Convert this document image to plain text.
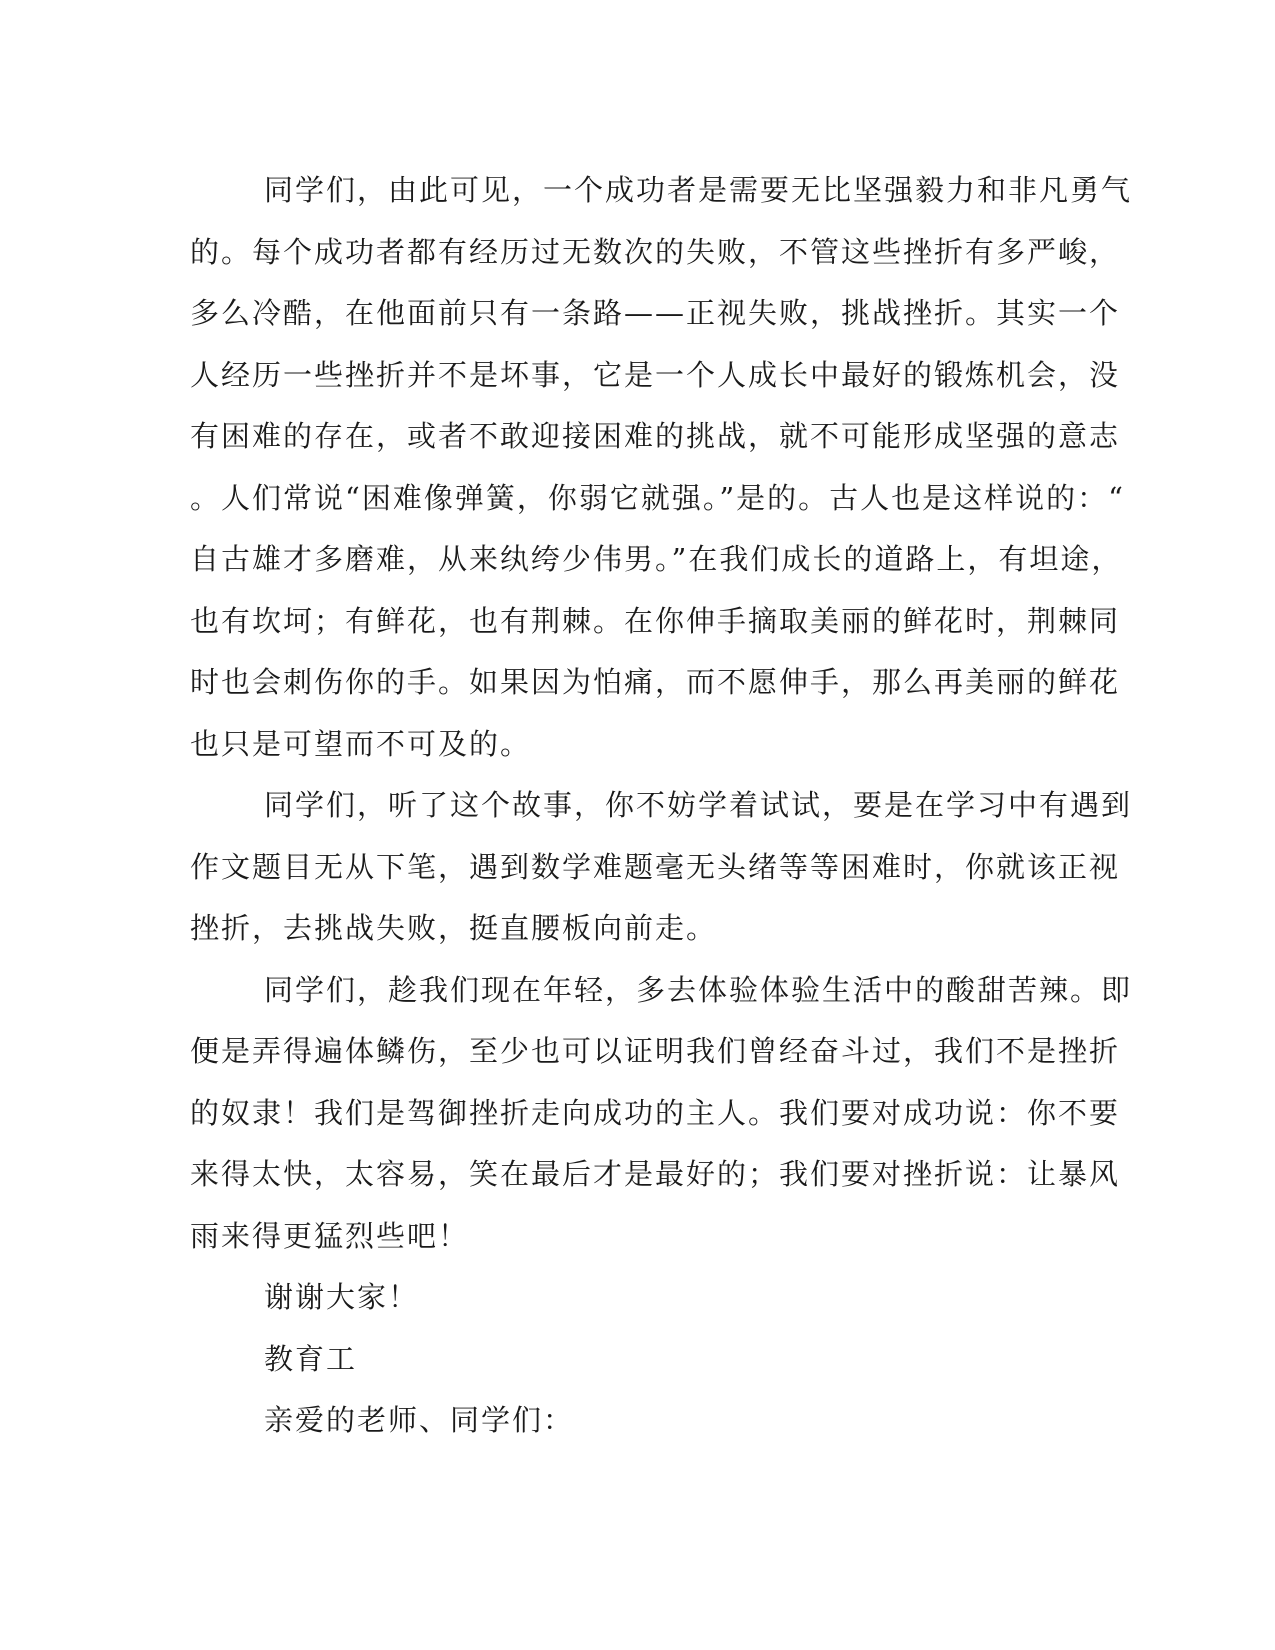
同学们，由此可见，一个成功者是需要无比坚强毅力和非凡勇气
的。每个成功者都有经历过无数次的失败，不管这些挫折有多严峻，
多么冷酷，在他面前只有一条路——正视失败，挑战挫折。其实一个
人经历一些挫折并不是坏事，它是一个人成长中最好的锻炼机会，没
有困难的存在，或者不敢迎接困难的挑战，就不可能形成坚强的意志
。人们常说“困难像弹簧，你弱它就强。”是的。古人也是这样说的：“
自古雄才多磨难，从来纨绔少伟男。”在我们成长的道路上，有坦途，
也有坎坷；有鲜花，也有荆棘。在你伸手摘取美丽的鲜花时，荆棘同
时也会刺伤你的手。如果因为怕痛，而不愿伸手，那么再美丽的鲜花
也只是可望而不可及的。
同学们，听了这个故事，你不妨学着试试，要是在学习中有遇到
作文题目无从下笔，遇到数学难题毫无头绪等等困难时，你就该正视
挫折，去挑战失败，挺直腰板向前走。
同学们，趁我们现在年轻，多去体验体验生活中的酸甜苦辣。即
便是弄得遍体鳞伤，至少也可以证明我们曾经奋斗过，我们不是挫折
的奴隶！我们是驾御挫折走向成功的主人。我们要对成功说：你不要
来得太快，太容易，笑在最后才是最好的；我们要对挫折说：让暴风
雨来得更猛烈些吧！
谢谢大家！
教育工
亲爱的老师、同学们：
